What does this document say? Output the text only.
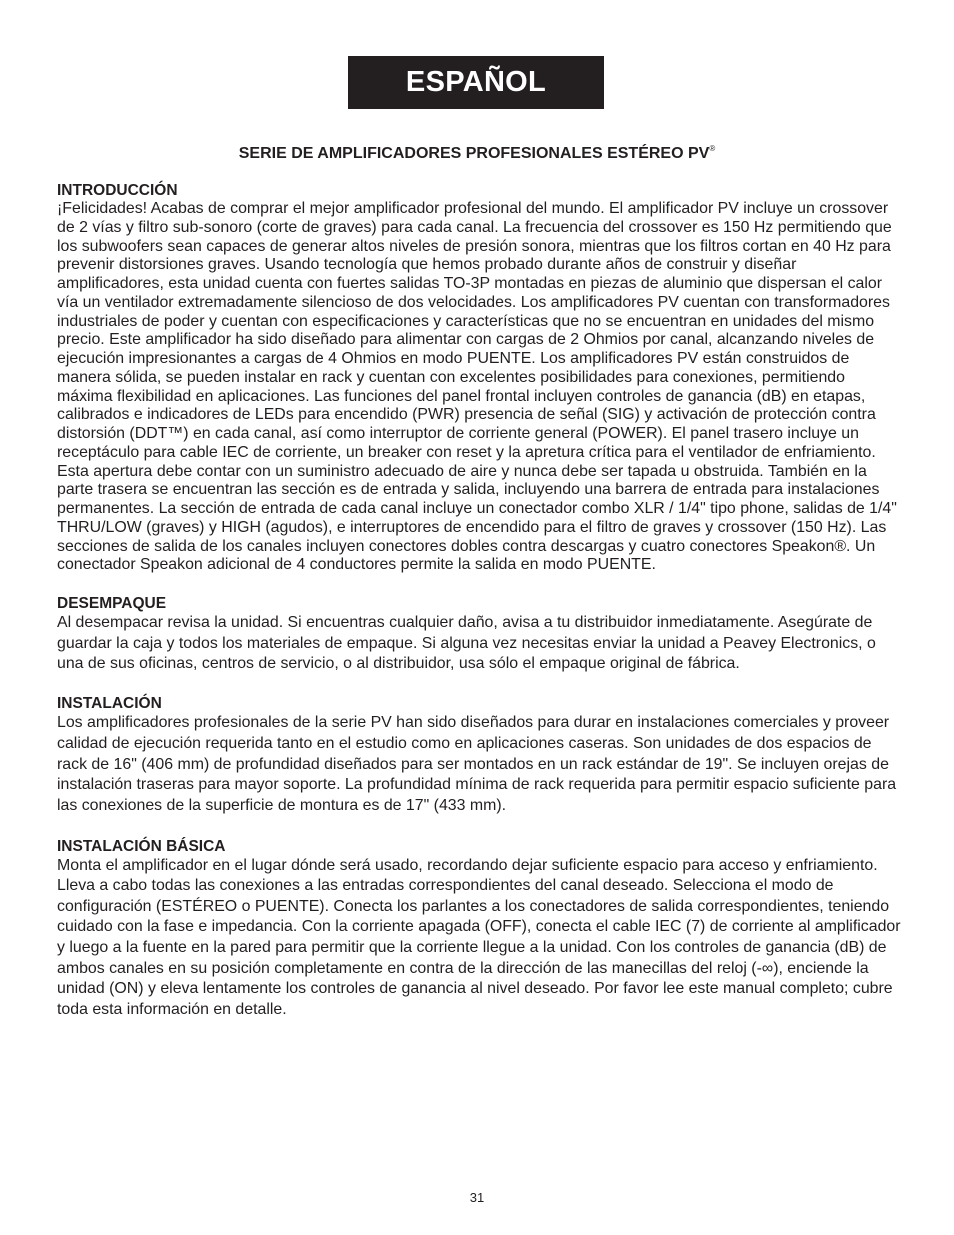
ESPAÑOL
SERIE DE AMPLIFICADORES PROFESIONALES ESTÉREO PV®

INTRODUCCIÓN

¡Felicidades! Acabas de comprar el mejor amplificador profesional del mundo. El amplificador PV incluye un crossover de 2 vías y filtro sub-sonoro (corte de graves) para cada canal. La frecuencia del crossover es 150 Hz permitiendo que los subwoofers sean capaces de generar altos niveles de presión sonora, mientras que los filtros cortan en 40 Hz para prevenir distorsiones graves. Usando tecnología que hemos probado durante años de construir y diseñar amplificadores, esta unidad cuenta con fuertes salidas TO-3P montadas en piezas de aluminio que dispersan el calor vía un ventilador extremadamente silencioso de dos velocidades. Los amplificadores PV cuentan con transformadores industriales de poder y cuentan con especificaciones y características que no se encuentran en unidades del mismo precio. Este amplificador ha sido diseñado para alimentar con cargas de 2 Ohmios por canal, alcanzando niveles de ejecución impresionantes a cargas de 4 Ohmios en modo PUENTE. Los amplificadores PV están construidos de manera sólida, se pueden instalar en rack y cuentan con excelentes posibilidades para conexiones, permitiendo máxima flexibilidad en aplicaciones. Las funciones del panel frontal incluyen controles de ganancia (dB) en etapas, calibrados e indicadores de LEDs para encendido (PWR) presencia de señal (SIG) y activación de protección contra distorsión (DDT™) en cada canal, así como interruptor de corriente general (POWER). El panel trasero incluye un receptáculo para cable IEC de corriente, un breaker con reset y la apretura crítica para el ventilador de enfriamiento. Esta apertura debe contar con un suministro adecuado de aire y nunca debe ser tapada u obstruida. También en la parte trasera se encuentran las sección es de entrada y salida, incluyendo una barrera de entrada para instalaciones permanentes. La sección de entrada de cada canal incluye un conectador combo XLR / 1/4" tipo phone, salidas de 1/4" THRU/LOW (graves) y HIGH (agudos), e interruptores de encendido para el filtro de graves y crossover (150 Hz). Las secciones de salida de los canales incluyen conectores dobles contra descargas y cuatro conectores Speakon®. Un conectador Speakon adicional de 4 conductores permite la salida en modo PUENTE.

DESEMPAQUE

Al desempacar revisa la unidad. Si encuentras cualquier daño, avisa a tu distribuidor inmediatamente. Asegúrate de guardar la caja y todos los materiales de empaque. Si alguna vez necesitas enviar la unidad a Peavey Electronics, o una de sus oficinas, centros de servicio, o al distribuidor, usa sólo el empaque original de fábrica.

INSTALACIÓN

Los amplificadores profesionales de la serie PV han sido diseñados para durar en instalaciones comerciales y proveer calidad de ejecución requerida tanto en el estudio como en aplicaciones caseras. Son unidades de dos espacios de rack de 16" (406 mm) de profundidad diseñados para ser montados en un rack estándar de 19". Se incluyen orejas de instalación traseras para mayor soporte. La profundidad mínima de rack requerida para permitir espacio suficiente para las conexiones de la superficie de montura es de 17" (433 mm).

INSTALACIÓN BÁSICA

Monta el amplificador en el lugar dónde será usado, recordando dejar suficiente espacio para acceso y enfriamiento. Lleva a cabo todas las conexiones a las entradas correspondientes del canal deseado. Selecciona el modo de configuración (ESTÉREO o PUENTE). Conecta los parlantes a los conectadores de salida correspondientes, teniendo cuidado con la fase e impedancia. Con la corriente apagada (OFF), conecta el cable IEC (7) de corriente al amplificador y luego a la fuente en la pared para permitir que la corriente llegue a la unidad. Con los controles de ganancia (dB) de ambos canales en su posición completamente en contra de la dirección de las manecillas del reloj (-∞), enciende la unidad (ON) y eleva lentamente los controles de ganancia al nivel deseado. Por favor lee este manual completo; cubre toda esta información en detalle.

31
